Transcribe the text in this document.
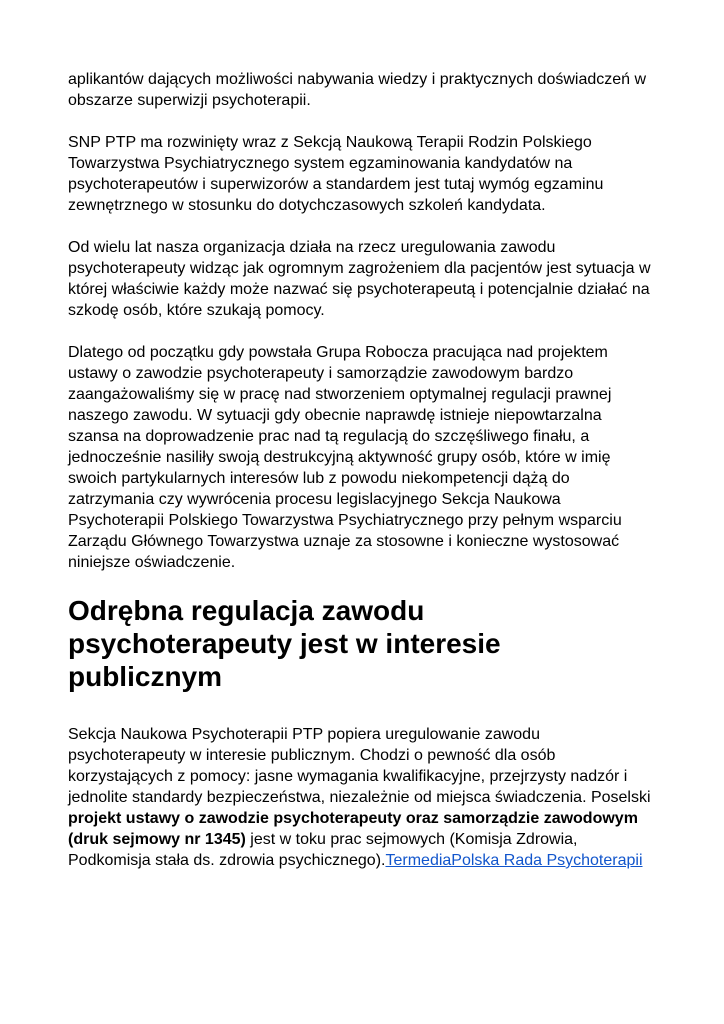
aplikantów dających możliwości nabywania wiedzy i praktycznych doświadczeń w obszarze superwizji psychoterapii.

SNP PTP ma rozwinięty wraz z Sekcją Naukową Terapii Rodzin Polskiego Towarzystwa Psychiatrycznego system egzaminowania kandydatów na psychoterapeutów i superwizorów a standardem jest tutaj wymóg egzaminu zewnętrznego w stosunku do dotychczasowych szkoleń kandydata.

Od wielu lat nasza organizacja działa na rzecz uregulowania zawodu psychoterapeuty widząc jak ogromnym zagrożeniem dla pacjentów jest sytuacja w której właściwie każdy może nazwać się psychoterapeutą i potencjalnie działać na szkodę osób, które szukają pomocy.

Dlatego od początku gdy powstała Grupa Robocza pracująca nad projektem ustawy o zawodzie psychoterapeuty i samorządzie zawodowym bardzo zaangażowaliśmy się w pracę nad stworzeniem optymalnej regulacji prawnej naszego zawodu. W sytuacji gdy obecnie naprawdę istnieje niepowtarzalna szansa na doprowadzenie prac nad tą regulacją do szczęśliwego finału, a jednocześnie nasiliły swoją destrukcyjną aktywność grupy osób, które w imię swoich partykularnych interesów lub z powodu niekompetencji dążą do zatrzymania czy wywrócenia procesu legislacyjnego Sekcja Naukowa Psychoterapii Polskiego Towarzystwa Psychiatrycznego przy pełnym wsparciu Zarządu Głównego Towarzystwa uznaje za stosowne i konieczne wystosować niniejsze oświadczenie.

Odrębna regulacja zawodu psychoterapeuty jest w interesie publicznym

Sekcja Naukowa Psychoterapii PTP popiera uregulowanie zawodu psychoterapeuty w interesie publicznym. Chodzi o pewność dla osób korzystających z pomocy: jasne wymagania kwalifikacyjne, przejrzysty nadzór i jednolite standardy bezpieczeństwa, niezależnie od miejsca świadczenia. Poselski projekt ustawy o zawodzie psychoterapeuty oraz samorządzie zawodowym (druk sejmowy nr 1345) jest w toku prac sejmowych (Komisja Zdrowia, Podkomisja stała ds. zdrowia psychicznego).TermediaPolska Rada Psychoterapii
